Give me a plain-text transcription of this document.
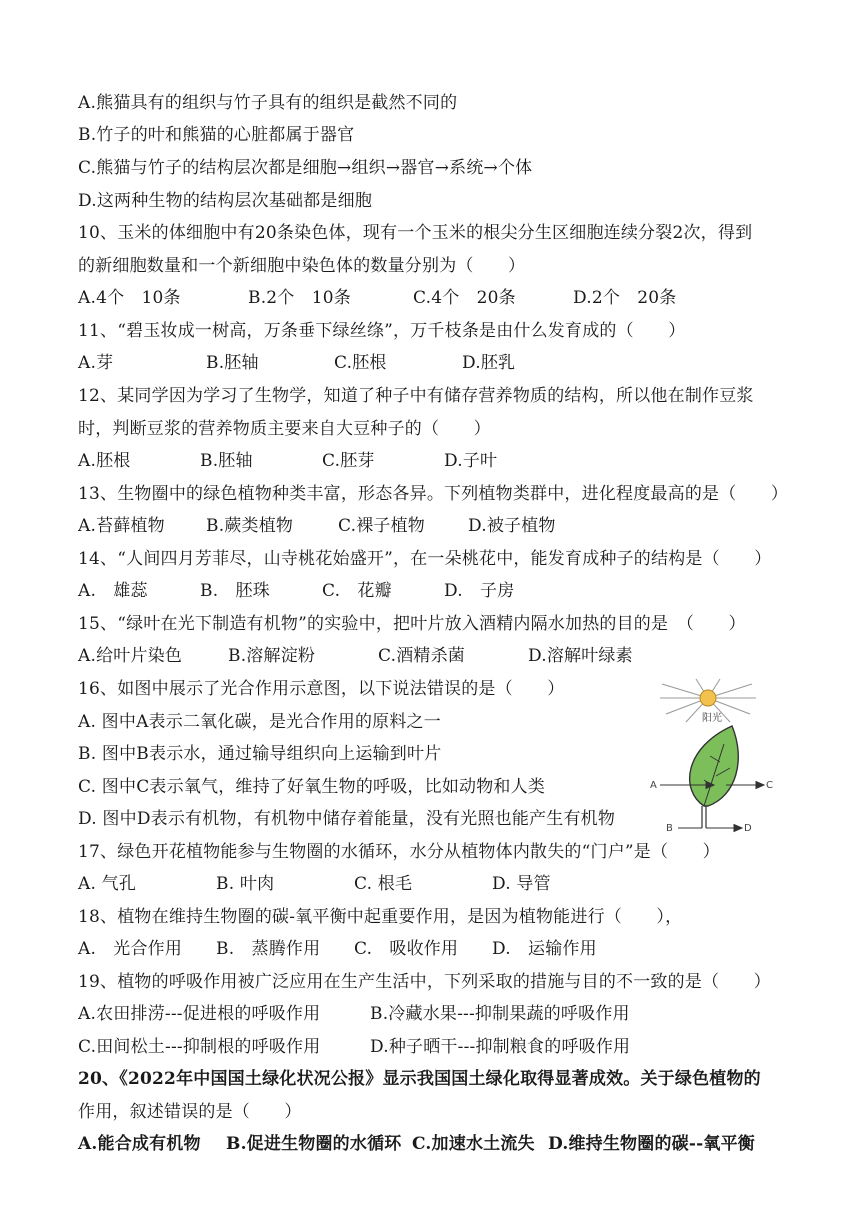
A.熊猫具有的组织与竹子具有的组织是截然不同的
B.竹子的叶和熊猫的心脏都属于器官
C.熊猫与竹子的结构层次都是细胞→组织→器官→系统→个体
D.这两种生物的结构层次基础都是细胞
10、玉米的体细胞中有20条染色体，现有一个玉米的根尖分生区细胞连续分裂2次，得到
的新细胞数量和一个新细胞中染色体的数量分别为（　　）
A.4个　10条	B.2个　10条	C.4个　20条	D.2个　20条
11、“碧玉妆成一树高，万条垂下绿丝绦”，万千枝条是由什么发育成的（　　）
A.芽	B.胚轴	C.胚根	D.胚乳
12、某同学因为学习了生物学，知道了种子中有储存营养物质的结构，所以他在制作豆浆
时，判断豆浆的营养物质主要来自大豆种子的（　　）
A.胚根	B.胚轴	C.胚芽	D.子叶
13、生物圈中的绿色植物种类丰富，形态各异。下列植物类群中，进化程度最高的是（　　）
A.苔藓植物	B.蕨类植物	C.裸子植物	D.被子植物
14、“人间四月芳菲尽，山寺桃花始盛开”，在一朵桃花中，能发育成种子的结构是（　　）
A.　雄蕊	B.　胚珠	C.　花瓣	D.　子房
15、“绿叶在光下制造有机物”的实验中，把叶片放入酒精内隔水加热的目的是　（　　）
A.给叶片染色	B.溶解淀粉	C.酒精杀菌	D.溶解叶绿素
16、如图中展示了光合作用示意图，以下说法错误的是（　　）
A. 图中A表示二氧化碳，是光合作用的原料之一
B. 图中B表示水，通过输导组织向上运输到叶片
C. 图中C表示氧气，维持了好氧生物的呼吸，比如动物和人类
D. 图中D表示有机物，有机物中储存着能量，没有光照也能产生有机物
阳光
A	C
B	D
17、绿色开花植物能参与生物圈的水循环，水分从植物体内散失的“门户”是（　　）
A. 气孔	B. 叶肉	C. 根毛	D. 导管
18、植物在维持生物圈的碳-氧平衡中起重要作用，是因为植物能进行（　　），
A.　光合作用	B.　蒸腾作用	C.　吸收作用	D.　运输作用
19、植物的呼吸作用被广泛应用在生产生活中，下列采取的措施与目的不一致的是（　　）
A.农田排涝---促进根的呼吸作用	B.冷藏水果---抑制果蔬的呼吸作用
C.田间松土---抑制根的呼吸作用	D.种子晒干---抑制粮食的呼吸作用
20、《2022年中国国土绿化状况公报》显示我国国土绿化取得显著成效。关于绿色植物的
作用，叙述错误的是（　　）
A.能合成有机物	B.促进生物圈的水循环 C.加速水土流失 D.维持生物圈的碳--氧平衡
